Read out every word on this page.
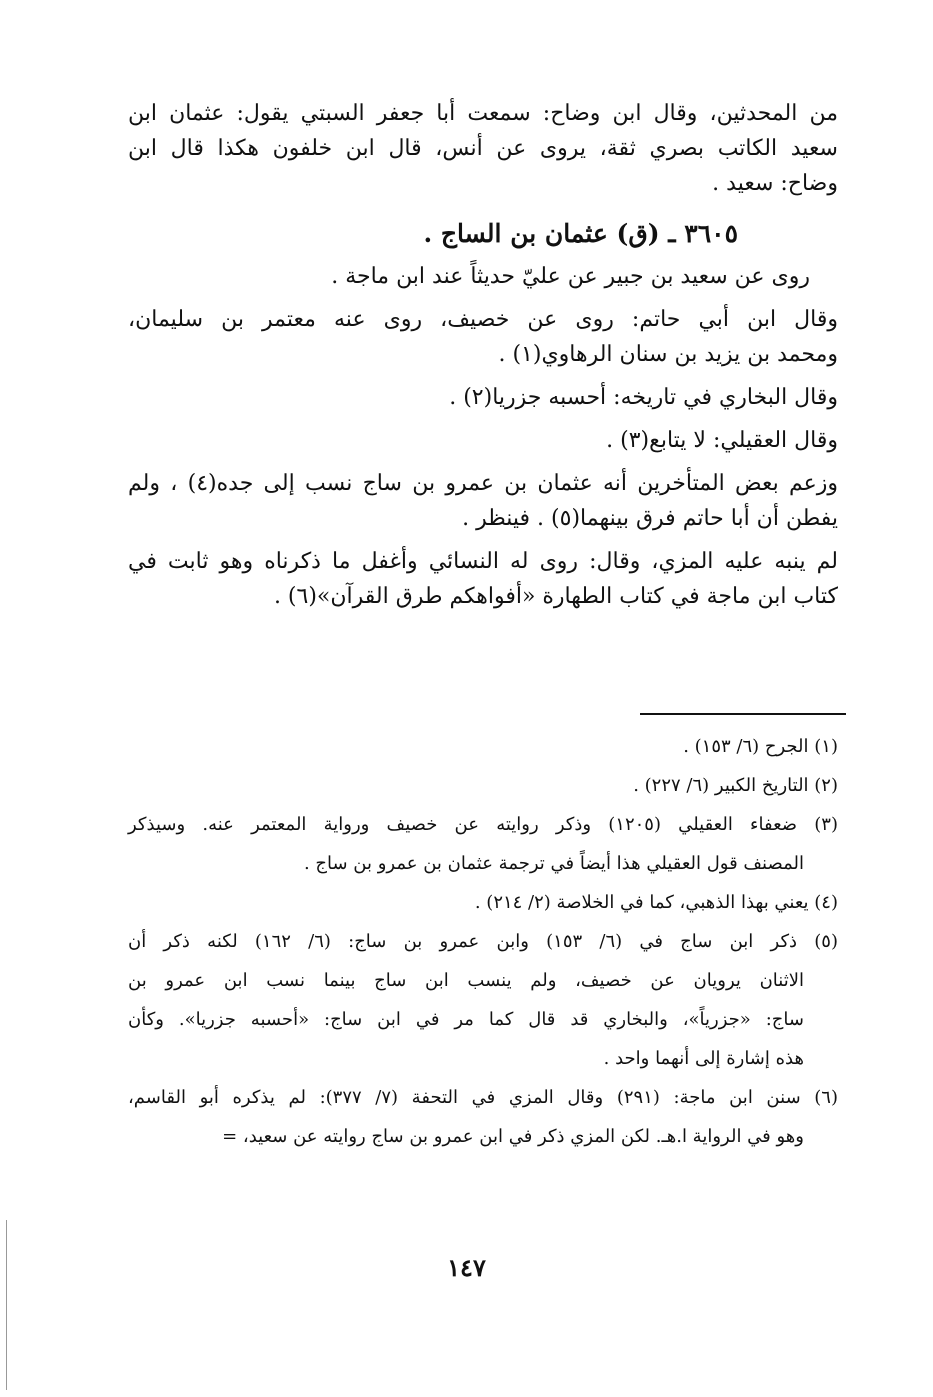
من المحدثين، وقال ابن وضاح: سمعت أبا جعفر السبتي يقول: عثمان ابن
سعيد الكاتب بصري ثقة، يروى عن أنس، قال ابن خلفون هكذا قال ابن
وضاح: سعيد .
٣٦٠٥ ـ (ق) عثمان بن الساج .
روى عن سعيد بن جبير عن عليّ حديثاً عند ابن ماجة .
وقال ابن أبي حاتم: روى عن خصيف، روى عنه معتمر بن سليمان،
ومحمد بن يزيد بن سنان الرهاوي(١) .
وقال البخاري في تاريخه: أحسبه جزريا(٢) .
وقال العقيلي: لا يتابع(٣) .
وزعم بعض المتأخرين أنه عثمان بن عمرو بن ساج نسب إلى جده(٤) ، ولم
يفطن أن أبا حاتم فرق بينهما(٥) . فينظر .
لم ينبه عليه المزي، وقال: روى له النسائي وأغفل ما ذكرناه وهو ثابت في
كتاب ابن ماجة في كتاب الطهارة «أفواهكم طرق القرآن»(٦) .
(١) الجرح (٦/ ١٥٣) .
(٢) التاريخ الكبير (٦/ ٢٢٧) .
(٣) ضعفاء العقيلي (١٢٠٥) وذكر روايته عن خصيف ورواية المعتمر عنه. وسيذكر
المصنف قول العقيلي هذا أيضاً في ترجمة عثمان بن عمرو بن ساج .
(٤) يعني بهذا الذهبي، كما في الخلاصة (٢/ ٢١٤) .
(٥) ذكر ابن ساج في (٦/ ١٥٣) وابن عمرو بن ساج: (٦/ ١٦٢) لكنه ذكر أن
الاثنان يرويان عن خصيف، ولم ينسب ابن ساج بينما نسب ابن عمرو بن
ساج: «جزرياً»، والبخاري قد قال كما مر في ابن ساج: «أحسبه جزريا». وكأن
هذه إشارة إلى أنهما واحد .
(٦) سنن ابن ماجة: (٢٩١) وقال المزي في التحفة (٧/ ٣٧٧): لم يذكره أبو القاسم،
وهو في الرواية ا.هـ. لكن المزي ذكر في ابن عمرو بن ساج روايته عن سعيد، =
١٤٧
